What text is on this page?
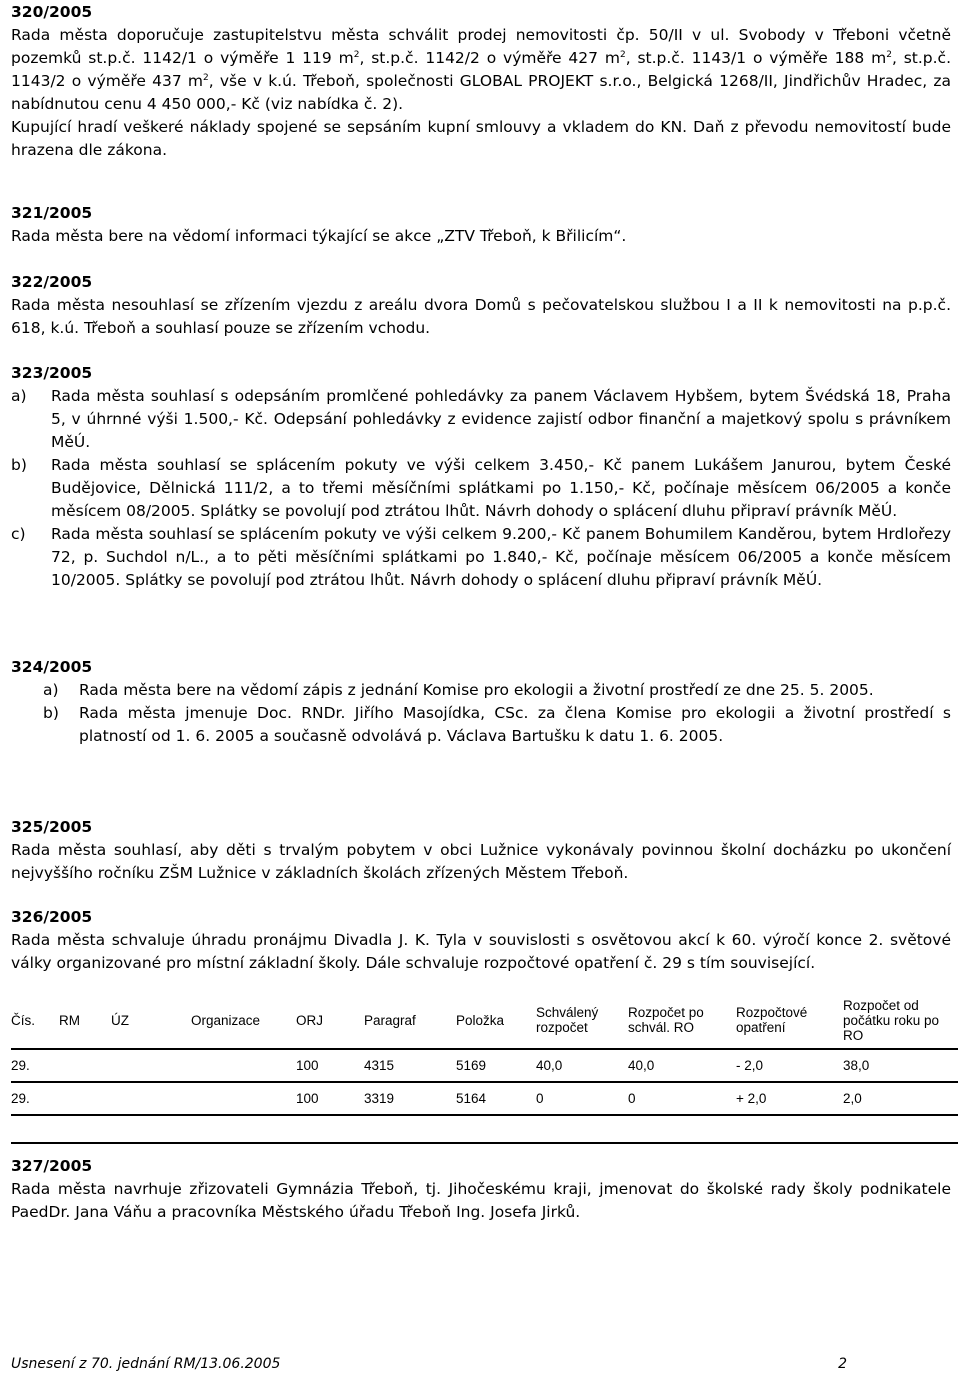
320/2005

Rada města doporučuje zastupitelstvu města schválit prodej nemovitosti čp. 50/II v ul. Svobody v Třeboni včetně pozemků st.p.č. 1142/1 o výměře 1 119 $m^2$, st.p.č. 1142/2 o výměře 427 $m^2$, st.p.č. 1143/1 o výměře 188 $m^2$, st.p.č. 1143/2 o výměře 437 $m^2$, vše v k.ú. Třeboň, společnosti GLOBAL PROJEKT s.r.o., Belgická 1268/II, Jindřichův Hradec, za nabídnutou cenu 4 450 000,- Kč (viz nabídka č. 2).

Kupující hradí veškeré náklady spojené se sepsáním kupní smlouvy a vkladem do KN. Daň z převodu nemovitostí bude hrazena dle zákona.

321/2005

Rada města bere na vědomí informaci týkající se akce „ZTV Třeboň, k Břilicím“.

322/2005

Rada města nesouhlasí se zřízením vjezdu z areálu dvora Domů s pečovatelskou službou I a II k nemovitosti na p.p.č. 618, k.ú. Třeboň a souhlasí pouze se zřízením vchodu.

323/2005
a)	Rada města souhlasí s odepsáním promlčené pohledávky za panem Václavem Hybšem, bytem Švédská 18, Praha 5, v úhrnné výši 1.500,- Kč. Odepsání pohledávky z evidence zajistí odbor finanční a majetkový spolu s právníkem MěÚ.
b)	Rada města souhlasí se splácením pokuty ve výši celkem 3.450,- Kč panem Lukášem Janurou, bytem České Budějovice, Dělnická 111/2, a to třemi měsíčními splátkami po 1.150,- Kč, počínaje měsícem 06/2005 a konče měsícem 08/2005. Splátky se povolují pod ztrátou lhůt. Návrh dohody o splácení dluhu připraví právník MěÚ.
c)	Rada města souhlasí se splácením pokuty ve výši celkem 9.200,- Kč panem Bohumilem Kanděrou, bytem Hrdlořezy 72, p. Suchdol n/L., a to pěti měsíčními splátkami po 1.840,- Kč, počínaje měsícem 06/2005 a konče měsícem 10/2005. Splátky se povolují pod ztrátou lhůt. Návrh dohody o splácení dluhu připraví právník MěÚ.
324/2005
a)	Rada města bere na vědomí zápis z jednání Komise pro ekologii a životní prostředí ze dne 25. 5. 2005.
b)	Rada města jmenuje Doc. RNDr. Jiřího Masojídka, CSc. za člena Komise pro ekologii a životní prostředí s platností od 1. 6. 2005 a současně odvolává p. Václava Bartušku k datu 1. 6. 2005.
325/2005

Rada města souhlasí, aby děti s trvalým pobytem v obci Lužnice vykonávaly povinnou školní docházku po ukončení nejvyššího ročníku ZŠM Lužnice v základních školách zřízených Městem Třeboň.

326/2005

Rada města schvaluje úhradu pronájmu Divadla J. K. Tyla v souvislosti s osvětovou akcí k 60. výročí konce 2. světové války organizované pro místní základní školy. Dále schvaluje rozpočtové opatření č. 29 s tím související.

Čís.	RM	ÚZ	Organizace	ORJ	Paragraf	Položka	Schválený rozpočet	Rozpočet po schvál. RO	Rozpočtové opatření	Rozpočet od počátku roku po RO
29.				100	4315	5169	40,0	40,0	- 2,0	38,0
29.				100	3319	5164	0	0	+ 2,0	2,0

327/2005

Rada města navrhuje zřizovateli Gymnázia Třeboň, tj. Jihočeskému kraji, jmenovat do školské rady školy podnikatele PaedDr. Jana Váňu a pracovníka Městského úřadu Třeboň Ing. Josefa Jirků.

Usnesení z 70. jednání RM/13.06.2005	2
